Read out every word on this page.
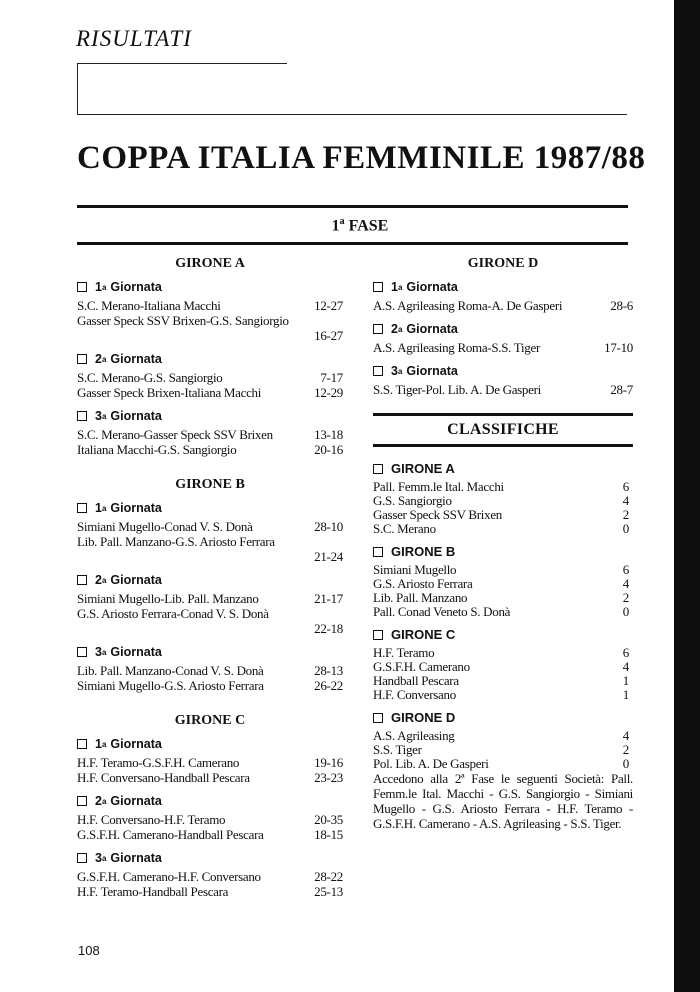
RISULTATI
COPPA ITALIA FEMMINILE 1987/88
1$^a$ FASE
GIRONE A
1 a Giornata
S.C. Merano-Italiana Macchi	12-27
Gasser Speck SSV Brixen-G.S. Sangiorgio
16-27
2 a Giornata
S.C. Merano-G.S. Sangiorgio	7-17
Gasser Speck Brixen-Italiana Macchi	12-29
3 a Giornata
S.C. Merano-Gasser Speck SSV Brixen	13-18
Italiana Macchi-G.S. Sangiorgio	20-16
GIRONE B
1 a Giornata
Simiani Mugello-Conad V. S. Donà	28-10
Lib. Pall. Manzano-G.S. Ariosto Ferrara
21-24
2 a Giornata
Simiani Mugello-Lib. Pall. Manzano	21-17
G.S. Ariosto Ferrara-Conad V. S. Donà
22-18
3 a Giornata
Lib. Pall. Manzano-Conad V. S. Donà	28-13
Simiani Mugello-G.S. Ariosto Ferrara	26-22
GIRONE C
1 a Giornata
H.F. Teramo-G.S.F.H. Camerano	19-16
H.F. Conversano-Handball Pescara	23-23
2 a Giornata
H.F. Conversano-H.F. Teramo	20-35
G.S.F.H. Camerano-Handball Pescara	18-15
3 a Giornata
G.S.F.H. Camerano-H.F. Conversano	28-22
H.F. Teramo-Handball Pescara	25-13
GIRONE D
1 a Giornata
A.S. Agrileasing Roma-A. De Gasperi	28-6
2 a Giornata
A.S. Agrileasing Roma-S.S. Tiger	17-10
3 a Giornata
S.S. Tiger-Pol. Lib. A. De Gasperi	28-7
CLASSIFICHE
GIRONE A
Pall. Femm.le Ital. Macchi	6
G.S. Sangiorgio	4
Gasser Speck SSV Brixen	2
S.C. Merano	0
GIRONE B
Simiani Mugello	6
G.S. Ariosto Ferrara	4
Lib. Pall. Manzano	2
Pall. Conad Veneto S. Donà	0
GIRONE C
H.F. Teramo	6
G.S.F.H. Camerano	4
Handball Pescara	1
H.F. Conversano	1
GIRONE D
A.S. Agrileasing	4
S.S. Tiger	2
Pol. Lib. A. De Gasperi	0
Accedono alla 2ª Fase le seguenti Società: Pall. Femm.le Ital. Macchi - G.S. Sangiorgio - Simiani Mugello - G.S. Ariosto Ferrara - H.F. Teramo - G.S.F.H. Camerano - A.S. Agrileasing - S.S. Tiger.
108
